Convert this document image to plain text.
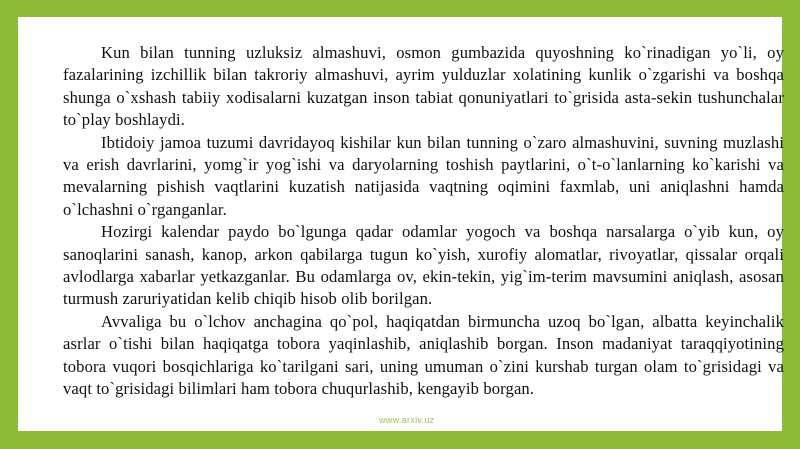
Kun bilan tunning uzluksiz almashuvi, osmon gumbazida quyoshning ko`rinadigan yo`li, oy fazalarining izchillik bilan takroriy almashuvi, ayrim yulduzlar xolatining kunlik o`zgarishi va boshqa shunga o`xshash tabiiy xodisalarni kuzatgan inson tabiat qonuniyatlari to`grisida asta-sekin tushunchalar to`play boshlaydi.

Ibtidoiy jamoa tuzumi davridayoq kishilar kun bilan tunning o`zaro almashuvini, suvning muzlashi va erish davrlarini, yomg`ir yog`ishi va daryolarning toshish paytlarini, o`t-o`lanlarning ko`karishi va mevalarning pishish vaqtlarini kuzatish natijasida vaqtning oqimini faxmlab, uni aniqlashni hamda o`lchashni o`rganganlar.

Hozirgi kalendar paydo bo`lgunga qadar odamlar yogoch va boshqa narsalarga o`yib kun, oy sanoqlarini sanash, kanop, arkon qabilarga tugun ko`yish, xurofiy alomatlar, rivoyatlar, qissalar orqali avlodlarga xabarlar yetkazganlar. Bu odamlarga ov, ekin-tekin, yig`im-terim mavsumini aniqlash, asosan turmush zaruriyatidan kelib chiqib hisob olib borilgan.

Avvaliga bu o`lchov anchagina qo`pol, haqiqatdan birmuncha uzoq bo`lgan, albatta keyinchalik asrlar o`tishi bilan haqiqatga tobora yaqinlashib, aniqlashib borgan. Inson madaniyat taraqqiyotining tobora vuqori bosqichlariga ko`tarilgani sari, uning umuman o`zini kurshab turgan olam to`grisidagi va vaqt to`grisidagi bilimlari ham tobora chuqurlashib, kengayib borgan.

www.arxiv.uz
